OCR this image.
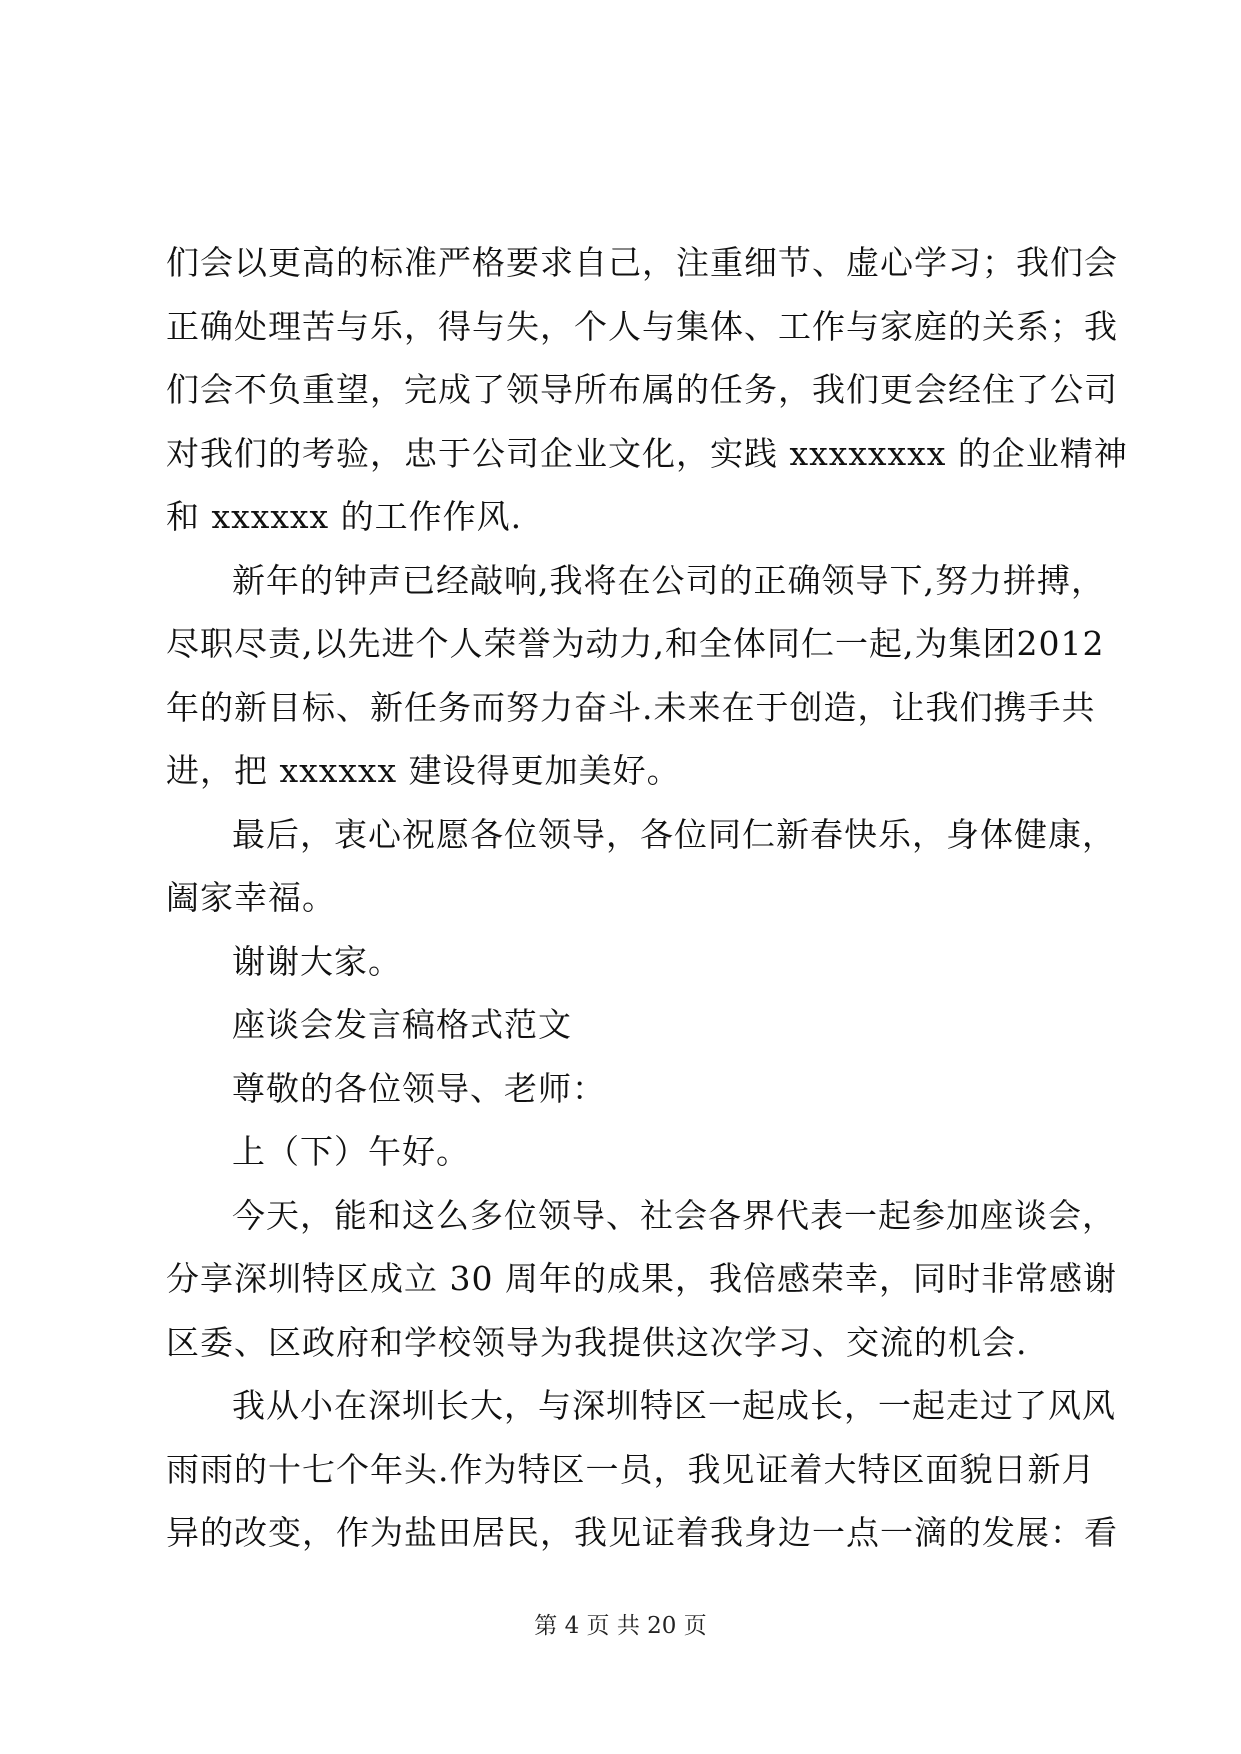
们会以更高的标准严格要求自己，注重细节、虚心学习；我们会
正确处理苦与乐，得与失，个人与集体、工作与家庭的关系；我
们会不负重望，完成了领导所布属的任务，我们更会经住了公司
对我们的考验，忠于公司企业文化，实践 xxxxxxxx 的企业精神
和 xxxxxx 的工作作风.
新年的钟声已经敲响,我将在公司的正确领导下,努力拼搏，
尽职尽责,以先进个人荣誉为动力,和全体同仁一起,为集团2012
年的新目标、新任务而努力奋斗.未来在于创造，让我们携手共
进，把 xxxxxx 建设得更加美好。
最后，衷心祝愿各位领导，各位同仁新春快乐，身体健康，
阖家幸福。
谢谢大家。
座谈会发言稿格式范文
尊敬的各位领导、老师：
上（下）午好。
今天，能和这么多位领导、社会各界代表一起参加座谈会，
分享深圳特区成立 30 周年的成果，我倍感荣幸，同时非常感谢
区委、区政府和学校领导为我提供这次学习、交流的机会.
我从小在深圳长大，与深圳特区一起成长，一起走过了风风
雨雨的十七个年头.作为特区一员，我见证着大特区面貌日新月
异的改变，作为盐田居民，我见证着我身边一点一滴的发展：看
第 4 页 共 20 页
